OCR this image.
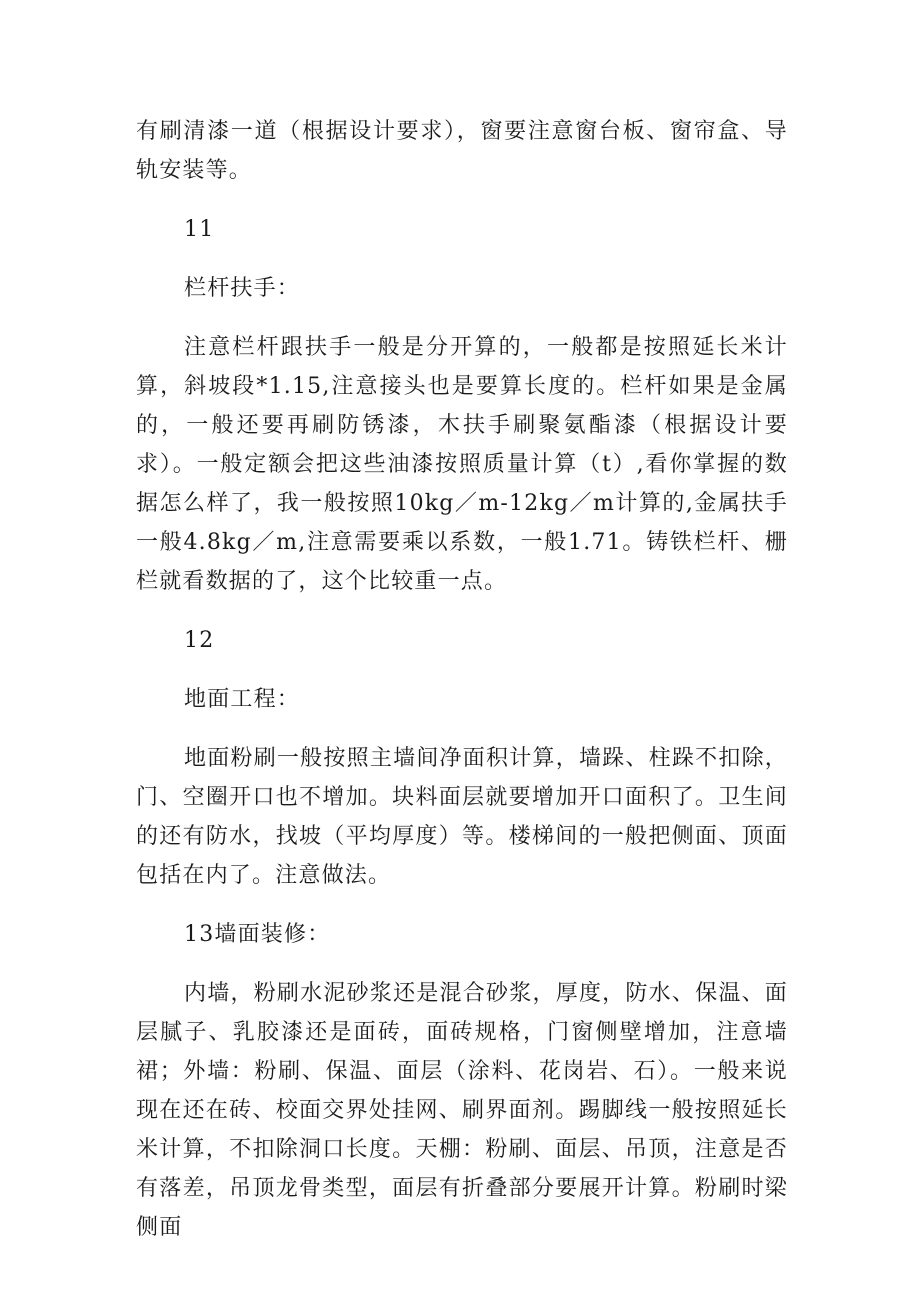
有刷清漆一道（根据设计要求），窗要注意窗台板、窗帘盒、导轨安装等。

11

栏杆扶手：

注意栏杆跟扶手一般是分开算的，一般都是按照延长米计算，斜坡段*1.15,注意接头也是要算长度的。栏杆如果是金属的，一般还要再刷防锈漆，木扶手刷聚氨酯漆（根据设计要求）。一般定额会把这些油漆按照质量计算（t）,看你掌握的数据怎么样了，我一般按照10kg／m-12kg／m计算的,金属扶手一般4.8kg／m,注意需要乘以系数，一般1.71。铸铁栏杆、栅栏就看数据的了，这个比较重一点。

12

地面工程：

地面粉刷一般按照主墙间净面积计算，墙跺、柱跺不扣除，门、空圈开口也不增加。块料面层就要增加开口面积了。卫生间的还有防水，找坡（平均厚度）等。楼梯间的一般把侧面、顶面包括在内了。注意做法。

13墙面装修：

内墙，粉刷水泥砂浆还是混合砂浆，厚度，防水、保温、面层腻子、乳胶漆还是面砖，面砖规格，门窗侧壁增加，注意墙裙；外墙：粉刷、保温、面层（涂料、花岗岩、石）。一般来说现在还在砖、校面交界处挂网、刷界面剂。踢脚线一般按照延长米计算，不扣除洞口长度。天棚：粉刷、面层、吊顶，注意是否有落差，吊顶龙骨类型，面层有折叠部分要展开计算。粉刷时梁侧面
